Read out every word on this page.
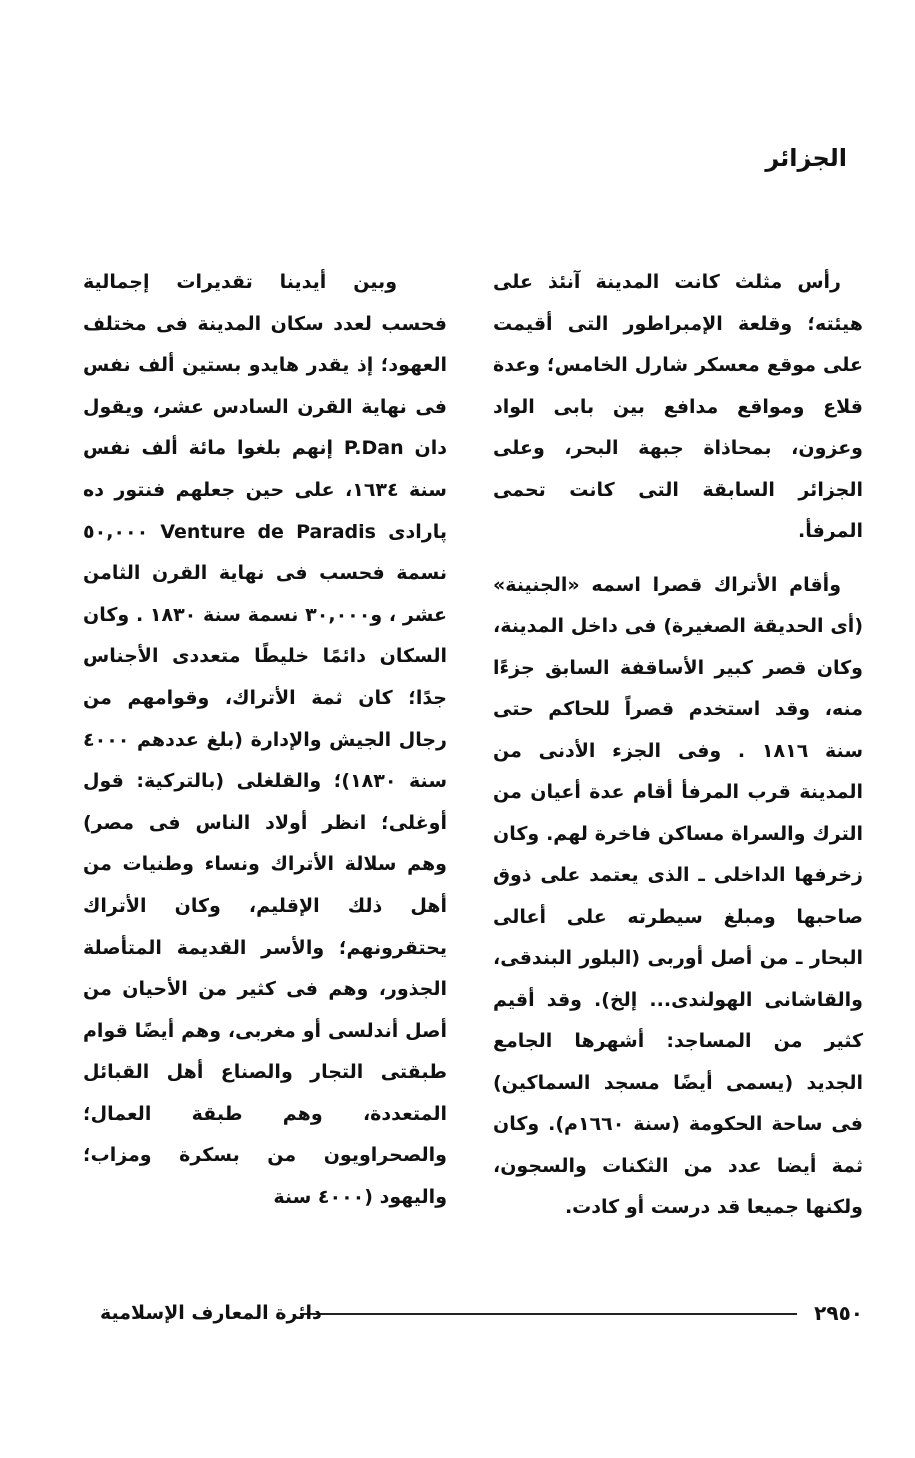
الجزائر

رأس مثلث كانت المدينة آنئذ على هيئته؛ وقلعة الإمبراطور التى أقيمت على موقع معسكر شارل الخامس؛ وعدة قلاع ومواقع مدافع بين بابى الواد وعزون، بمحاذاة جبهة البحر، وعلى الجزائر السابقة التى كانت تحمى المرفأ.

وأقام الأتراك قصرا اسمه «الجنينة» (أى الحديقة الصغيرة) فى داخل المدينة، وكان قصر كبير الأساقفة السابق جزءًا منه، وقد استخدم قصراً للحاكم حتى سنة ١٨١٦ . وفى الجزء الأدنى من المدينة قرب المرفأ أقام عدة أعيان من الترك والسراة مساكن فاخرة لهم. وكان زخرفها الداخلى ـ الذى يعتمد على ذوق صاحبها ومبلغ سيطرته على أعالى البحار ـ من أصل أوربى (البلور البندقى، والقاشانى الهولندى... إلخ). وقد أقيم كثير من المساجد: أشهرها الجامع الجديد (يسمى أيضًا مسجد السماكين) فى ساحة الحكومة (سنة ١٦٦٠م). وكان ثمة أيضا عدد من الثكنات والسجون، ولكنها جميعا قد درست أو كادت.

وبين أيدينا تقديرات إجمالية فحسب لعدد سكان المدينة فى مختلف العهود؛ إذ يقدر هايدو بستين ألف نفس فى نهاية القرن السادس عشر، ويقول دان P.Dan إنهم بلغوا مائة ألف نفس سنة ١٦٣٤، على حين جعلهم فنتور ده پارادى Venture de Paradis ٥٠,٠٠٠ نسمة فحسب فى نهاية القرن الثامن عشر ، و٣٠,٠٠٠ نسمة سنة ١٨٣٠ . وكان السكان دائمًا خليطًا متعددى الأجناس جدًا؛ كان ثمة الأتراك، وقوامهم من رجال الجيش والإدارة (بلغ عددهم ٤٠٠٠ سنة ١٨٣٠)؛ والقلغلى (بالتركية: قول أوغلى؛ انظر أولاد الناس فى مصر) وهم سلالة الأتراك ونساء وطنيات من أهل ذلك الإقليم، وكان الأتراك يحتقرونهم؛ والأسر القديمة المتأصلة الجذور، وهم فى كثير من الأحيان من أصل أندلسى أو مغربى، وهم أيضًا قوام طبقتى التجار والصناع أهل القبائل المتعددة، وهم طبقة العمال؛ والصحراويون من بسكرة ومزاب؛ واليهود (٤٠٠٠ سنة

٢٩٥٠
دائرة المعارف الإسلامية
